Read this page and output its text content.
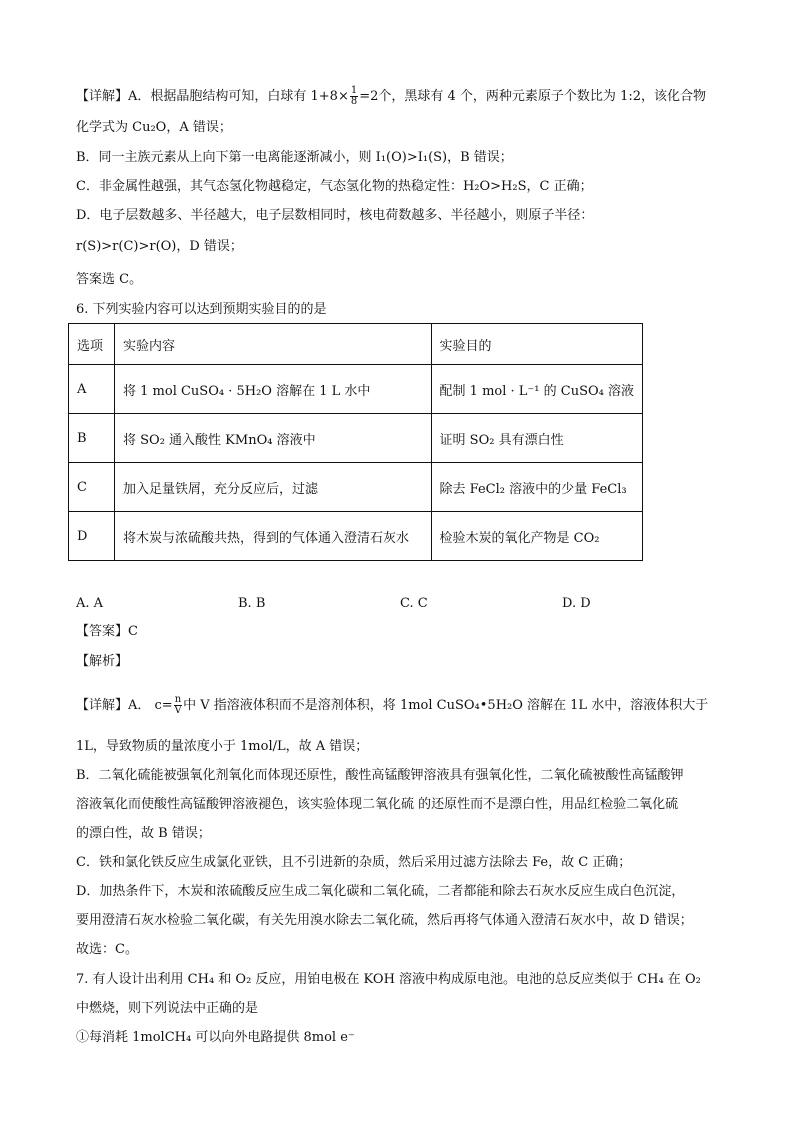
【详解】A．根据晶胞结构可知，白球有 $1+8\times \frac{1}{8} =2$个，黑球有 4 个，两种元素原子个数比为 1:2，该化合物
化学式为 Cu₂O，A 错误；
B．同一主族元素从上向下第一电离能逐渐减小，则 I₁(O)>I₁(S)，B 错误；
C．非金属性越强，其气态氢化物越稳定，气态氢化物的热稳定性：H₂O>H₂S，C 正确；
D．电子层数越多、半径越大，电子层数相同时，核电荷数越多、半径越小，则原子半径：
r(S)>r(C)>r(O)，D 错误；
答案选 C。
6. 下列实验内容可以达到预期实验目的的是
选项	实验内容	实验目的
A	将 1 mol CuSO₄ · 5H₂O 溶解在 1 L 水中	配制 1 mol · L⁻¹ 的 CuSO₄ 溶液
B	将 SO₂ 通入酸性 KMnO₄ 溶液中	证明 SO₂ 具有漂白性
C	加入足量铁屑，充分反应后，过滤	除去 FeCl₂ 溶液中的少量 FeCl₃
D	将木炭与浓硫酸共热，得到的气体通入澄清石灰水	检验木炭的氧化产物是 CO₂
A. A	B. B	C. C	D. D
【答案】C
【解析】
【详解】A． $c= \frac{n}{V}$ 中 V 指溶液体积而不是溶剂体积，将 1mol CuSO₄•5H₂O 溶解在 1L 水中，溶液体积大于
1L，导致物质的量浓度小于 1mol/L，故 A 错误；
B．二氧化硫能被强氧化剂氧化而体现还原性，酸性高锰酸钾溶液具有强氧化性，二氧化硫被酸性高锰酸钾
溶液氧化而使酸性高锰酸钾溶液褪色，该实验体现二氧化硫 的还原性而不是漂白性，用品红检验二氧化硫
的漂白性，故 B 错误；
C．铁和氯化铁反应生成氯化亚铁，且不引进新的杂质，然后采用过滤方法除去 Fe，故 C 正确；
D．加热条件下，木炭和浓硫酸反应生成二氧化碳和二氧化硫，二者都能和除去石灰水反应生成白色沉淀，
要用澄清石灰水检验二氧化碳，有关先用溴水除去二氧化硫，然后再将气体通入澄清石灰水中，故 D 错误；
故选：C。
7. 有人设计出利用 CH₄ 和 O₂ 反应，用铂电极在 KOH 溶液中构成原电池。电池的总反应类似于 CH₄ 在 O₂
中燃烧，则下列说法中正确的是
①每消耗 1molCH₄ 可以向外电路提供 8mol e⁻
